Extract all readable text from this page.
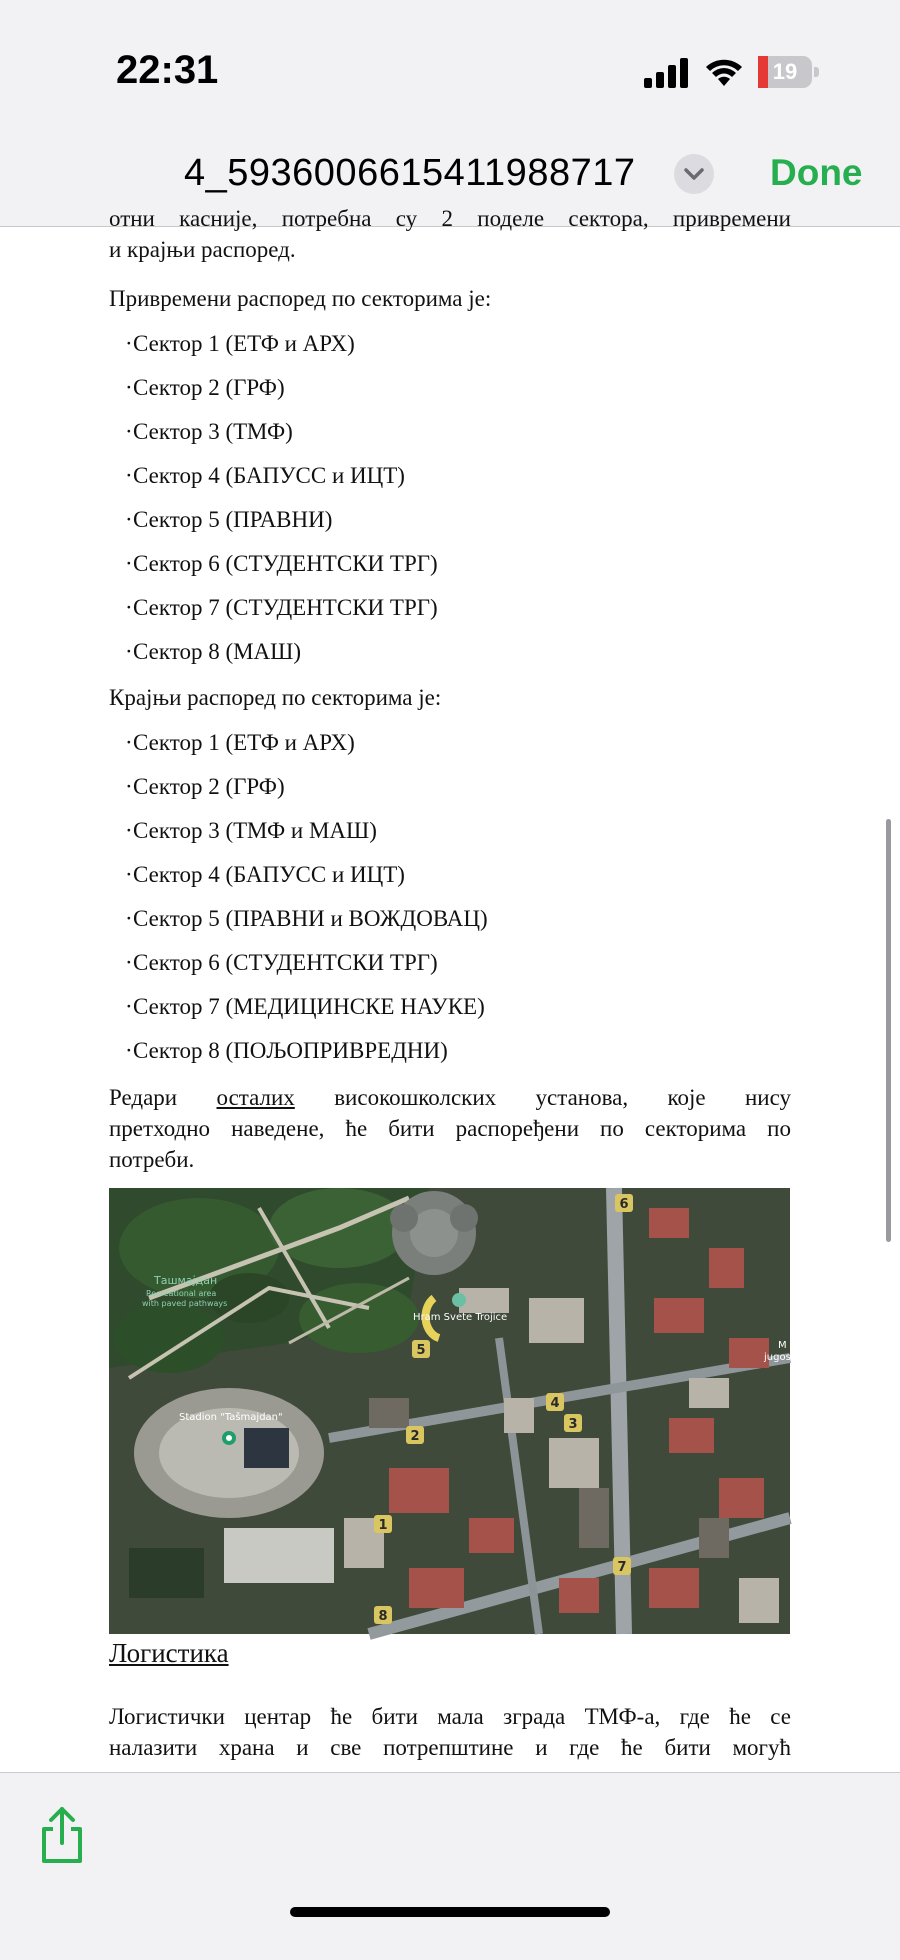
22:31	19
4_5936006615411988717	Done
отни касније, потребна су 2 поделе сектора, привремени
и крајњи распоред.
Привремени распоред по секторима је:
· Сектор 1 (ЕТФ и АРХ)
· Сектор 2 (ГРФ)
· Сектор 3 (ТМФ)
· Сектор 4 (БАПУСС и ИЦТ)
· Сектор 5 (ПРАВНИ)
· Сектор 6 (СТУДЕНТСКИ ТРГ)
· Сектор 7 (СТУДЕНТСКИ ТРГ)
· Сектор 8 (МАШ)
Крајњи распоред по секторима је:
· Сектор 1 (ЕТФ и АРХ)
· Сектор 2 (ГРФ)
· Сектор 3 (ТМФ и МАШ)
· Сектор 4 (БАПУСС и ИЦТ)
· Сектор 5 (ПРАВНИ и ВОЖДОВАЦ)
· Сектор 6 (СТУДЕНТСКИ ТРГ)
· Сектор 7 (МЕДИЦИНСКЕ НАУКЕ)
· Сектор 8 (ПОЉОПРИВРЕДНИ)
Редари осталих високошколских установа, које нису
претходно наведене, ће бити распоређени по секторима по
потреби.
Ташмајдан
Recreational area
with paved pathways
Hram Svete Trojice
Stadion "Tašmajdan"
M
jugos
1
2
3
4
5
6
7
8
Логистика
Логистички центар ће бити мала зграда ТМФ-а, где ће се
налазити храна и све потрепштине и где ће бити могућ
